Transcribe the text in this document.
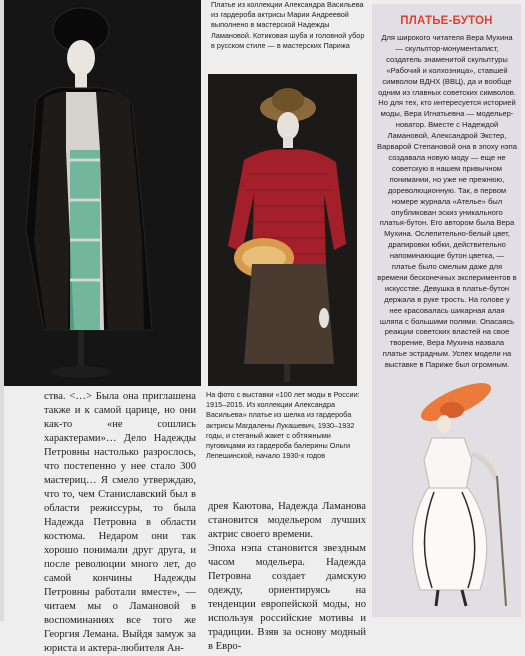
Платье из коллекции Александра Васильева из гардероба актрисы Марии Андреевой выполнено в мастерской Надежды Ламановой. Котиковая шуба и головной убор в русском стиле — в мастерских Парижа
На фото с выставки «100 лет моды в России: 1915–2015. Из коллекции Александра Васильева» платье из шелка из гардероба актрисы Магдалены Лукашевич, 1930–1932 годы, и стеганый жакет с обтяжными пуговицами из гардероба балерины Ольги Лепешинской, начало 1930-х годов
ства. <…> Была она приглашена также и к самой царице, но они как-то «не сошлись характерами»… Дело Надежды Петровны настолько разрослось, что постепенно у нее стало 300 мастериц… Я смело утверждаю, что то, чем Станиславский был в области режиссуры, то была Надежда Петровна в области костюма. Недаром они так хорошо понимали друг друга, и после революции много лет, до самой кончины Надежды Петровны работали вместе», — читаем мы о Ламановой в воспоминаниях все того же Георгия Лемана. Выйдя замуж за юриста и актера-любителя Ан-
дрея Каютова, Надежда Ламанова становится модельером лучших актрис своего времени.
Эпоха нэпа становится звездным часом модельера. Надежда Петровна создает дамскую одежду, ориентируясь на тенденции европейской моды, но используя российские мотивы и традиции. Взяв за основу модный в Евро-
ПЛАТЬЕ-БУТОН
Для широкого читателя Вера Мухина — скульптор-монументалист, создатель знаменитой скульптуры «Рабочий и колхозница», ставшей символом ВДНХ (ВВЦ), да и вообще одним из главных советских символов.
Но для тех, кто интересуется историей моды, Вера Игнатьевна — модельер-новатор. Вместе с Надеждой Ламановой, Александрой Экстер, Варварой Степановой она в эпоху нэпа создавала новую моду — еще не советскую в нашем привычном понимании, но уже не прежнюю, дореволюционную. Так, в первом номере журнала «Ателье» был опубликован эскиз уникального платья-бутон. Его автором была Вера Мухина. Ослепительно-белый цвет, драпировки юбки, действительно напоминающие бутон цветка, — платье было смелым даже для времени бесконечных экспериментов в искусстве. Девушка в платье-бутон держала в руке трость. На голове у нее красовалась шикарная алая шляпа с большими полями. Опасаясь реакции советских властей на свое творение, Вера Мухина назвала платье эстрадным. Успех модели на выставке в Париже был огромным.
